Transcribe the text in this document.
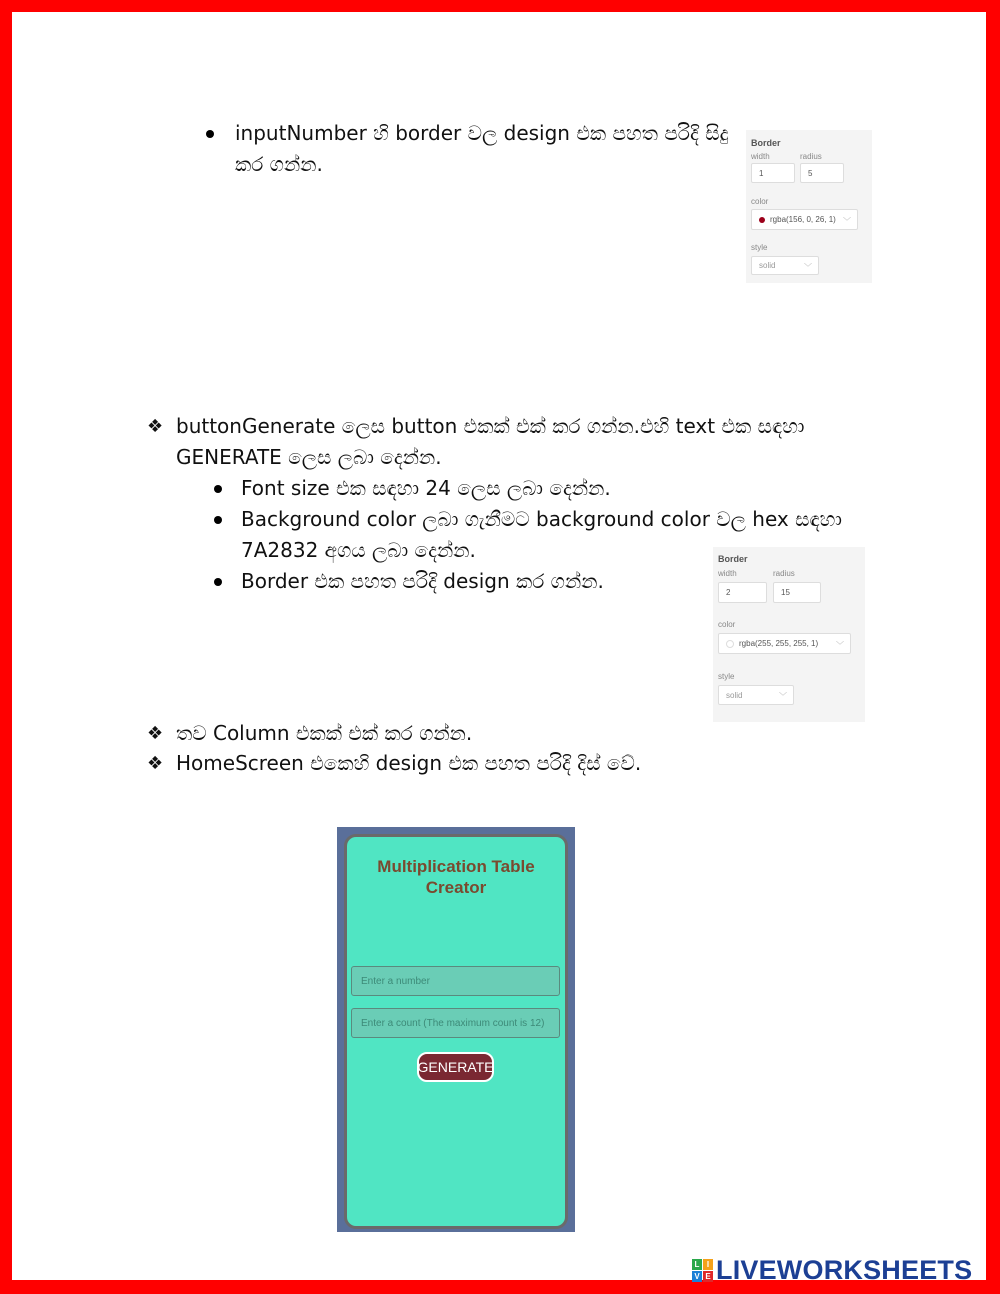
inputNumber හි border වල design එක පහත පරිදි සිදු
කර ගන්න.
Border
width	radius
1	5
color
rgba(156, 0, 26, 1) ﹀
style
solid	﹀
❖ buttonGenerate ලෙස button එකක් එක් කර ගන්න.එහි text එක සඳහා
GENERATE ලෙස ලබා දෙන්න.
Font size එක සඳහා 24 ලෙස ලබා දෙන්න.
Background color ලබා ගැනීමට background color වල hex සඳහා
7A2832 අගය ලබා දෙන්න.
Border එක පහත පරිදි design කර ගන්න.
Border
width	radius
2	15
color
rgba(255, 255, 255, 1) ﹀
style
solid	﹀
❖ තව Column එකක් එක් කර ගන්න.
❖ HomeScreen එකෙහි design එක පහත පරිදි දිස් වේ.
Multiplication Table
Creator
Enter a number
Enter a count (The maximum count is 12)
GENERATE
L I
V E LIVEWORKSHEETS
